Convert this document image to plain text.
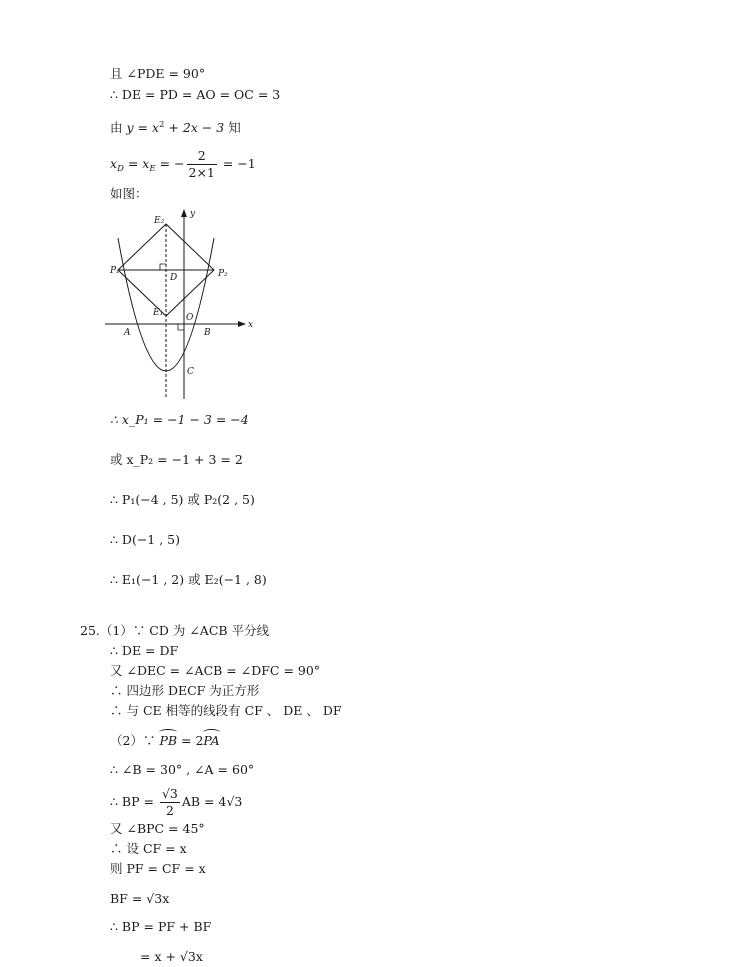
且 ∠PDE = 90°
∴ DE = PD = AO = OC = 3
由 $y = x^2 + 2x - 3$ 知
$x_D = x_E$ = − $\frac{2}{2\times 1} = -1$
如图：
y
x
E₂
P₁	P₂
D
E₁	O
A	B
C
∴ x_P₁ = −1 − 3 = −4
或 x_P₂ = −1 + 3 = 2
∴ P₁(−4 , 5) 或 P₂(2 , 5)
∴ D(−1 , 5)
∴ E₁(−1 , 2) 或 E₂(−1 , 8)
25.（1）∵ CD 为 ∠ACB 平分线
∴ DE = DF
又 ∠DEC = ∠ACB = ∠DFC = 90°
∴ 四边形 DECF 为正方形
∴ 与 CE 相等的线段有 CF 、 DE 、 DF
（2）∵ PB = 2PA
∴ ∠B = 30° , ∠A = 60°
∴ BP = $\frac{√3}{2}$ AB = 4√3
又 ∠BPC = 45°
∴ 设 CF = x
则 PF = CF = x
BF = √3x
∴ BP = PF + BF
= x + √3x
